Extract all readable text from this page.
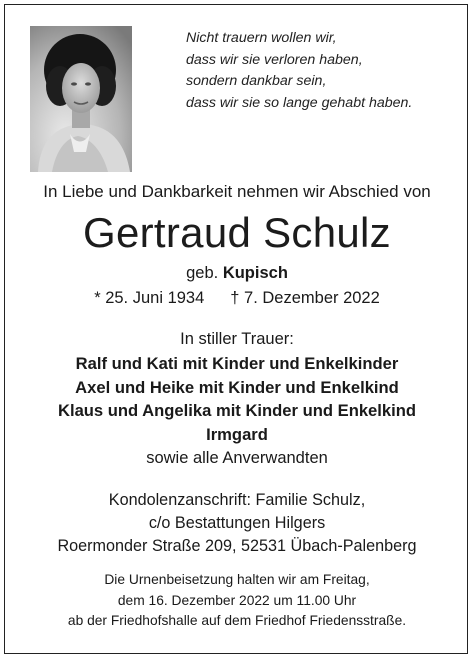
Nicht trauern wollen wir,
dass wir sie verloren haben,
sondern dankbar sein,
dass wir sie so lange gehabt haben.
In Liebe und Dankbarkeit nehmen wir Abschied von
Gertraud Schulz
geb. Kupisch
* 25. Juni 1934 † 7. Dezember 2022
In stiller Trauer:
Ralf und Kati mit Kinder und Enkelkinder
Axel und Heike mit Kinder und Enkelkind
Klaus und Angelika mit Kinder und Enkelkind
Irmgard
sowie alle Anverwandten
Kondolenzanschrift: Familie Schulz,
c/o Bestattungen Hilgers
Roermonder Straße 209, 52531 Übach-Palenberg
Die Urnenbeisetzung halten wir am Freitag,
dem 16. Dezember 2022 um 11.00 Uhr
ab der Friedhofshalle auf dem Friedhof Friedensstraße.
